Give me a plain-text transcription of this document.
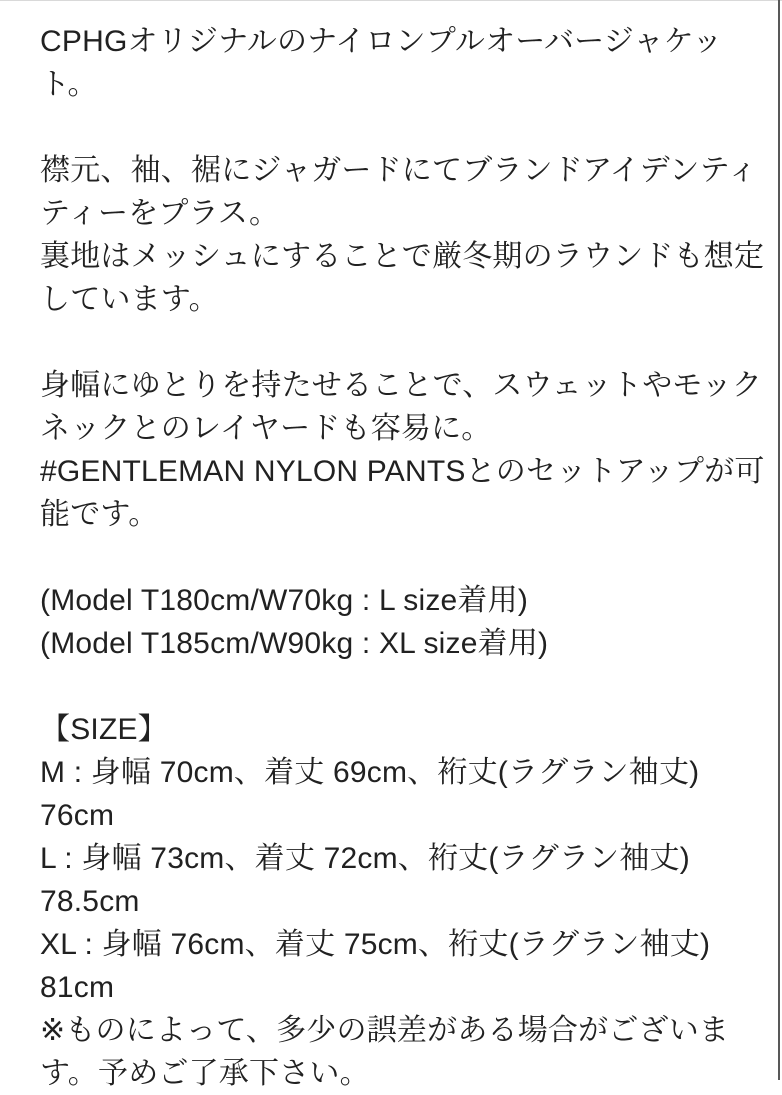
CPHGオリジナルのナイロンプルオーバージャケッ
ト。

襟元、袖、裾にジャガードにてブランドアイデンティ
ティーをプラス。
裏地はメッシュにすることで厳冬期のラウンドも想定
しています。

身幅にゆとりを持たせることで、スウェットやモック
ネックとのレイヤードも容易に。
#GENTLEMAN NYLON PANTSとのセットアップが可
能です。

(Model T180cm/W70kg : L size着用)
(Model T185cm/W90kg : XL size着用)

【SIZE】
M : 身幅 70cm、着丈 69cm、裄丈(ラグラン袖丈)
76cm
L : 身幅 73cm、着丈 72cm、裄丈(ラグラン袖丈)
78.5cm
XL : 身幅 76cm、着丈 75cm、裄丈(ラグラン袖丈)
81cm
※ものによって、多少の誤差がある場合がございま
す。予めご了承下さい。
